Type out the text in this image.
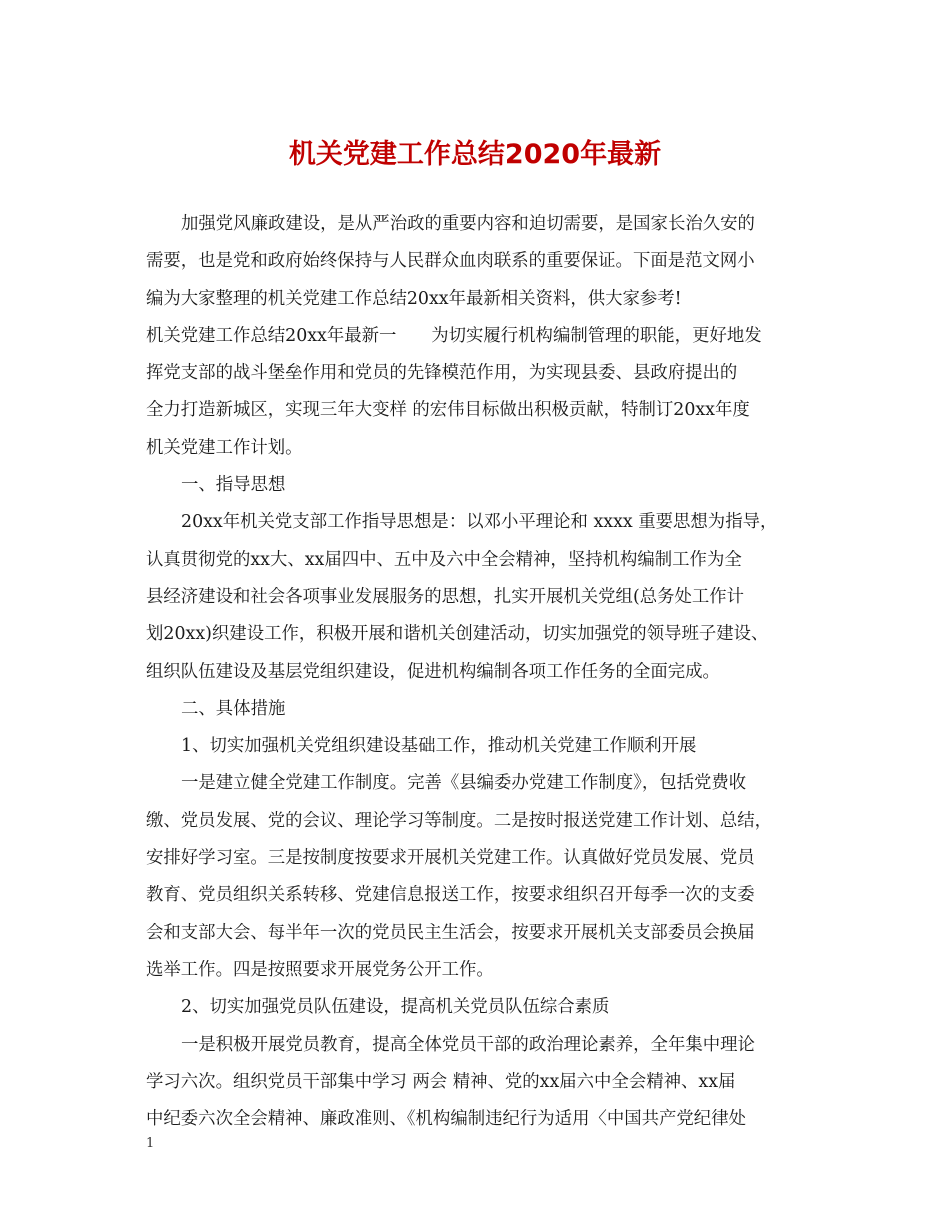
机关党建工作总结2020年最新
加强党风廉政建设，是从严治政的重要内容和迫切需要，是国家长治久安的
需要，也是党和政府始终保持与人民群众血肉联系的重要保证。下面是范文网小
编为大家整理的机关党建工作总结20xx年最新相关资料，供大家参考!
机关党建工作总结20xx年最新一　　为切实履行机构编制管理的职能，更好地发
挥党支部的战斗堡垒作用和党员的先锋模范作用，为实现县委、县政府提出的
全力打造新城区，实现三年大变样 的宏伟目标做出积极贡献，特制订20xx年度
机关党建工作计划。
一、指导思想
20xx年机关党支部工作指导思想是：以邓小平理论和 xxxx 重要思想为指导，
认真贯彻党的xx大、xx届四中、五中及六中全会精神，坚持机构编制工作为全
县经济建设和社会各项事业发展服务的思想，扎实开展机关党组(总务处工作计
划20xx)织建设工作，积极开展和谐机关创建活动，切实加强党的领导班子建设、
组织队伍建设及基层党组织建设，促进机构编制各项工作任务的全面完成。
二、具体措施
1、切实加强机关党组织建设基础工作，推动机关党建工作顺利开展
一是建立健全党建工作制度。完善《县编委办党建工作制度》，包括党费收
缴、党员发展、党的会议、理论学习等制度。二是按时报送党建工作计划、总结，
安排好学习室。三是按制度按要求开展机关党建工作。认真做好党员发展、党员
教育、党员组织关系转移、党建信息报送工作，按要求组织召开每季一次的支委
会和支部大会、每半年一次的党员民主生活会，按要求开展机关支部委员会换届
选举工作。四是按照要求开展党务公开工作。
2、切实加强党员队伍建设，提高机关党员队伍综合素质
一是积极开展党员教育，提高全体党员干部的政治理论素养，全年集中理论
学习六次。组织党员干部集中学习 两会 精神、党的xx届六中全会精神、xx届
中纪委六次全会精神、廉政准则、《机构编制违纪行为适用〈中国共产党纪律处
1
